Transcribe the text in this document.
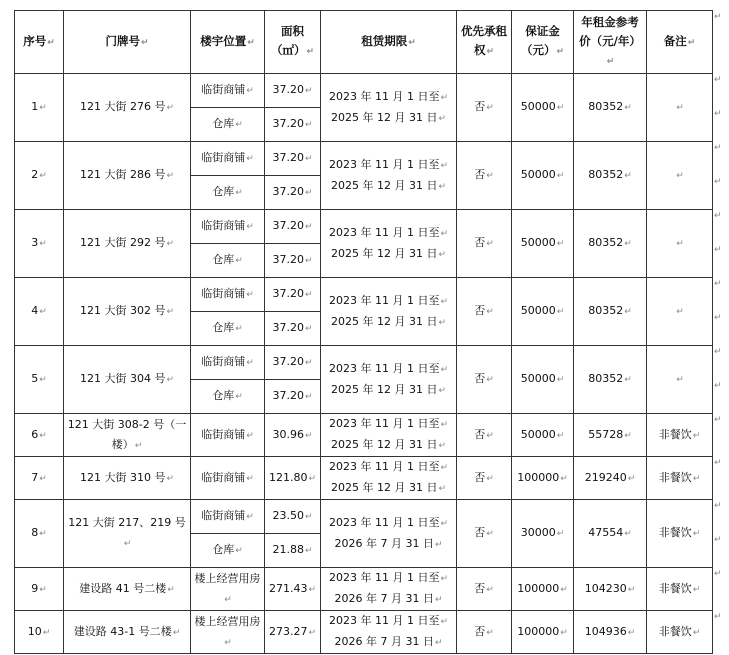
序号↵	门牌号↵	楼宇位置↵	面积（㎡）↵	租赁期限↵	优先承租权↵	保证金（元）↵	年租金参考价（元/年）↵	备注↵
1↵	121 大街 276 号↵	临街商铺↵	37.20↵	2023 年 11 月 1 日至↵
2025 年 12 月 31 日↵	否↵	50000↵	80352↵	↵
		仓库↵	37.20↵					
2↵	121 大街 286 号↵	临街商铺↵	37.20↵	2023 年 11 月 1 日至↵
2025 年 12 月 31 日↵	否↵	50000↵	80352↵	↵
		仓库↵	37.20↵					
3↵	121 大街 292 号↵	临街商铺↵	37.20↵	2023 年 11 月 1 日至↵
2025 年 12 月 31 日↵	否↵	50000↵	80352↵	↵
		仓库↵	37.20↵					
4↵	121 大街 302 号↵	临街商铺↵	37.20↵	2023 年 11 月 1 日至↵
2025 年 12 月 31 日↵	否↵	50000↵	80352↵	↵
		仓库↵	37.20↵					
5↵	121 大街 304 号↵	临街商铺↵	37.20↵	2023 年 11 月 1 日至↵
2025 年 12 月 31 日↵	否↵	50000↵	80352↵	↵
		仓库↵	37.20↵					
6↵	121 大街 308-2 号（一楼）↵	临街商铺↵	30.96↵	2023 年 11 月 1 日至↵
2025 年 12 月 31 日↵	否↵	50000↵	55728↵	非餐饮↵
7↵	121 大街 310 号↵	临街商铺↵	121.80↵	2023 年 11 月 1 日至↵
2025 年 12 月 31 日↵	否↵	100000↵	219240↵	非餐饮↵
8↵	121 大街 217、219 号↵	临街商铺↵	23.50↵	2023 年 11 月 1 日至↵
2026 年 7 月 31 日↵	否↵	30000↵	47554↵	非餐饮↵
		仓库↵	21.88↵					
9↵	建设路 41 号二楼↵	楼上经营用房↵	271.43↵	2023 年 11 月 1 日至↵
2026 年 7 月 31 日↵	否↵	100000↵	104230↵	非餐饮↵
10↵	建设路 43-1 号二楼↵	楼上经营用房↵	273.27↵	2023 年 11 月 1 日至↵
2026 年 7 月 31 日↵	否↵	100000↵	104936↵	非餐饮↵
↵
↵
↵
↵
↵
↵
↵
↵
↵
↵
↵
↵
↵
↵
↵
↵
↵
